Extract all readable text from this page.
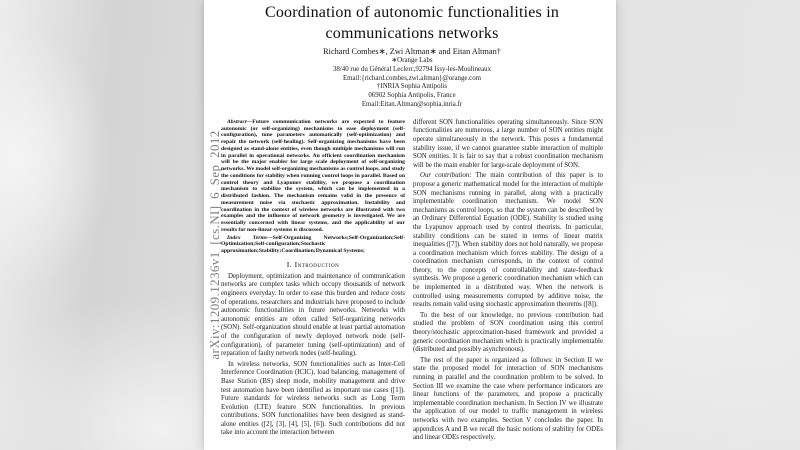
arXiv:1209.1236v1 [cs.NI] 6 Sep 2012
Coordination of autonomic functionalities in
communications networks
Richard Combes∗, Zwi Altman∗ and Eitan Altman†
∗Orange Labs
38/40 rue du Général Leclerc,92794 Issy-les-Moulineaux
Email:{richard.combes,zwi.altman}@orange.com
†INRIA Sophia Antipolis
06902 Sophia Antipolis, France
Email:Eitan.Altman@sophia.inria.fr

Abstract—Future communication networks are expected to feature autonomic (or self-organizing) mechanisms to ease deployment (self-configuration), tune parameters automatically (self-optimization) and repair the network (self-healing). Self-organizing mechanisms have been designed as stand-alone entities, even though multiple mechanisms will run in parallel in operational networks. An efficient coordination mechanism will be the major enabler for large scale deployment of self-organizing networks. We model self-organizing mechanisms as control loops, and study the conditions for stability when running control loops in parallel. Based on control theory and Lyapunov stability, we propose a coordination mechanism to stabilize the system, which can be implemented in a distributed fashion. The mechanism remains valid in the presence of measurement noise via stochastic approximation. Instability and coordination in the context of wireless networks are illustrated with two examples and the influence of network geometry is investigated. We are essentially concerned with linear systems, and the applicability of our results for non-linear systems is discussed.

Index Terms—Self-Organizing Networks;Self-Organization;Self-Optimization;Self-configuration;Stochastic approximation;Stability;Coordination;Dynamical Systems;

I. Introduction

Deployment, optimization and maintenance of communication networks are complex tasks which occupy thousands of network engineers everyday. In order to ease this burden and reduce costs of operations, researchers and industrials have proposed to include autonomic functionalities in future networks. Networks with autonomic entities are often called Self-organizing networks (SON). Self-organization should enable at least partial automation of the configuration of newly deployed network node (self-configuration), of parameter tuning (self-optimization) and of reparation of faulty network nodes (self-healing).

In wireless networks, SON functionalities such as Inter-Cell Interference Coordination (ICIC), load balancing, management of Base Station (BS) sleep mode, mobility management and drive test automation have been identified as important use cases ([1]). Future standards for wireless networks such as Long Term Evolution (LTE) feature SON functionalities. In previous contributions, SON functionalities have been designed as stand-alone entities ([2], [3], [4], [5], [6]). Such contributions did not take into account the interaction between

different SON functionalities operating simultaneously. Since SON functionalities are numerous, a large number of SON entities might operate simultaneously in the network. This poses a fundamental stability issue, if we cannot guarantee stable interaction of multiple SON entities. It is fair to say that a robust coordination mechanism will be the main enabler for large-scale deployment of SON.

Our contribution: The main contribution of this paper is to propose a generic mathematical model for the interaction of multiple SON mechanisms running in parallel, along with a practically implementable coordination mechanism. We model SON mechanisms as control loops, so that the system can be described by an Ordinary Differential Equation (ODE). Stability is studied using the Lyapunov approach used by control theorists. In particular, stability conditions can be stated in terms of linear matrix inequalities ([7]). When stability does not hold naturally, we propose a coordination mechanism which forces stability. The design of a coordination mechanism corresponds, in the context of control theory, to the concepts of controllability and state-feedback synthesis. We propose a generic coordination mechanism which can be implemented in a distributed way. When the network is controlled using measurements corrupted by additive noise, the results remain valid using stochastic approximation theorems ([8]).

To the best of our knowledge, no previous contribution had studied the problem of SON coordination using this control theory/stochastic approximation-based framework and provided a generic coordination mechanism which is practically implementable (distributed and possibly asynchronous).

The rest of the paper is organized as follows: in Section II we state the proposed model for interaction of SON mechanisms running in parallel and the coordination problem to be solved. In Section III we examine the case where performance indicators are linear functions of the parameters, and propose a practically implementable coordination mechanism. In Section IV we illustrate the application of our model to traffic management in wireless networks with two examples. Section V concludes the paper. In appendices A and B we recall the basic notions of stability for ODEs and linear ODEs respectively.
